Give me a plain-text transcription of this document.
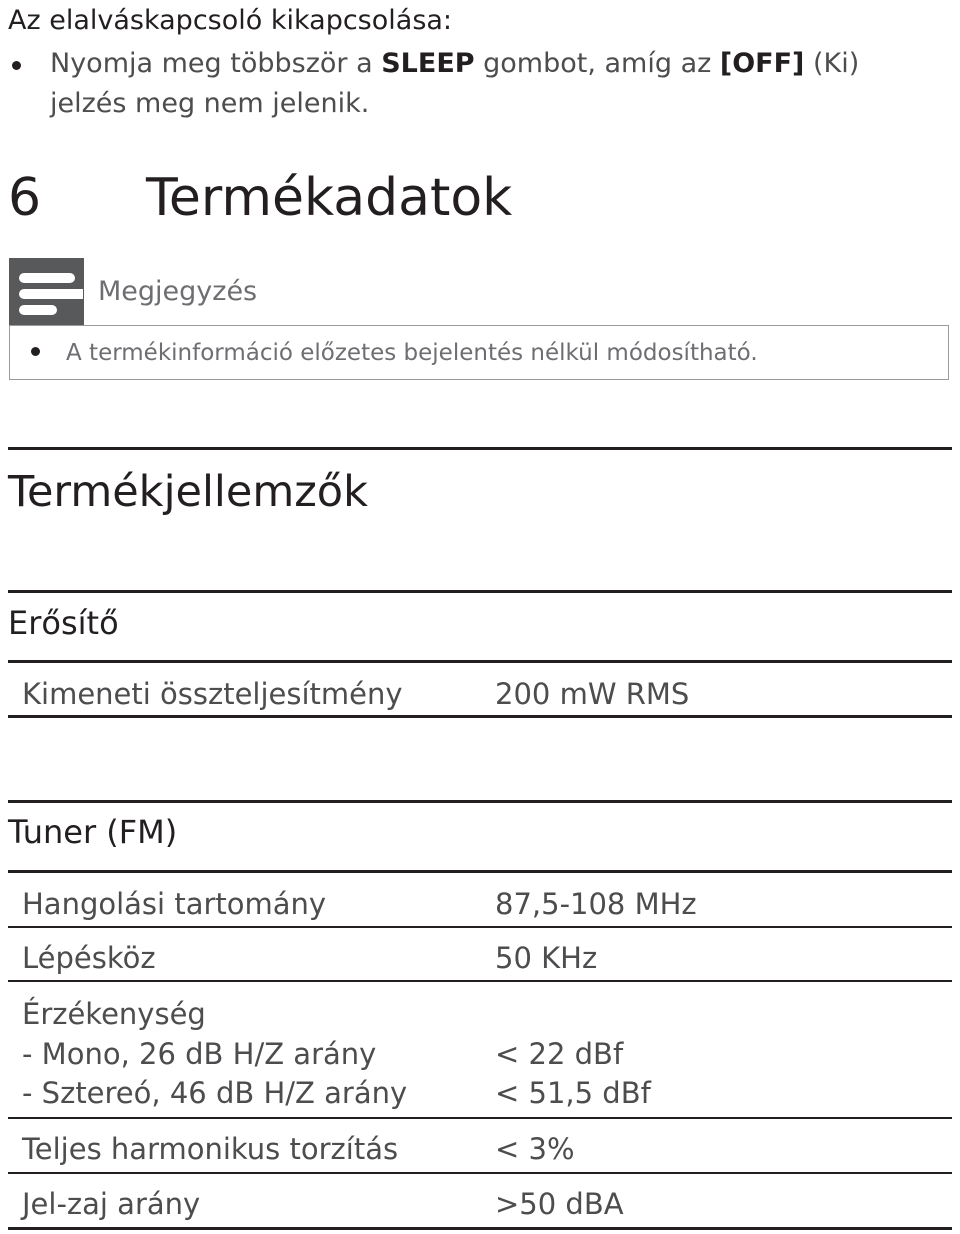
Az elalváskapcsoló kikapcsolása:
Nyomja meg többször a SLEEP gombot, amíg az [OFF] (Ki) jelzés meg nem jelenik.
6 Termékadatok
Megjegyzés
A termékinformáció előzetes bejelentés nélkül módosítható.
Termékjellemzők
Erősítő
Kimeneti összteljesítmény	200 mW RMS
Tuner (FM)
Hangolási tartomány	87,5-108 MHz
Lépésköz	50 KHz
Érzékenység
- Mono, 26 dB H/Z arány	< 22 dBf
- Sztereó, 46 dB H/Z arány	< 51,5 dBf
Teljes harmonikus torzítás	< 3%
Jel-zaj arány	>50 dBA
